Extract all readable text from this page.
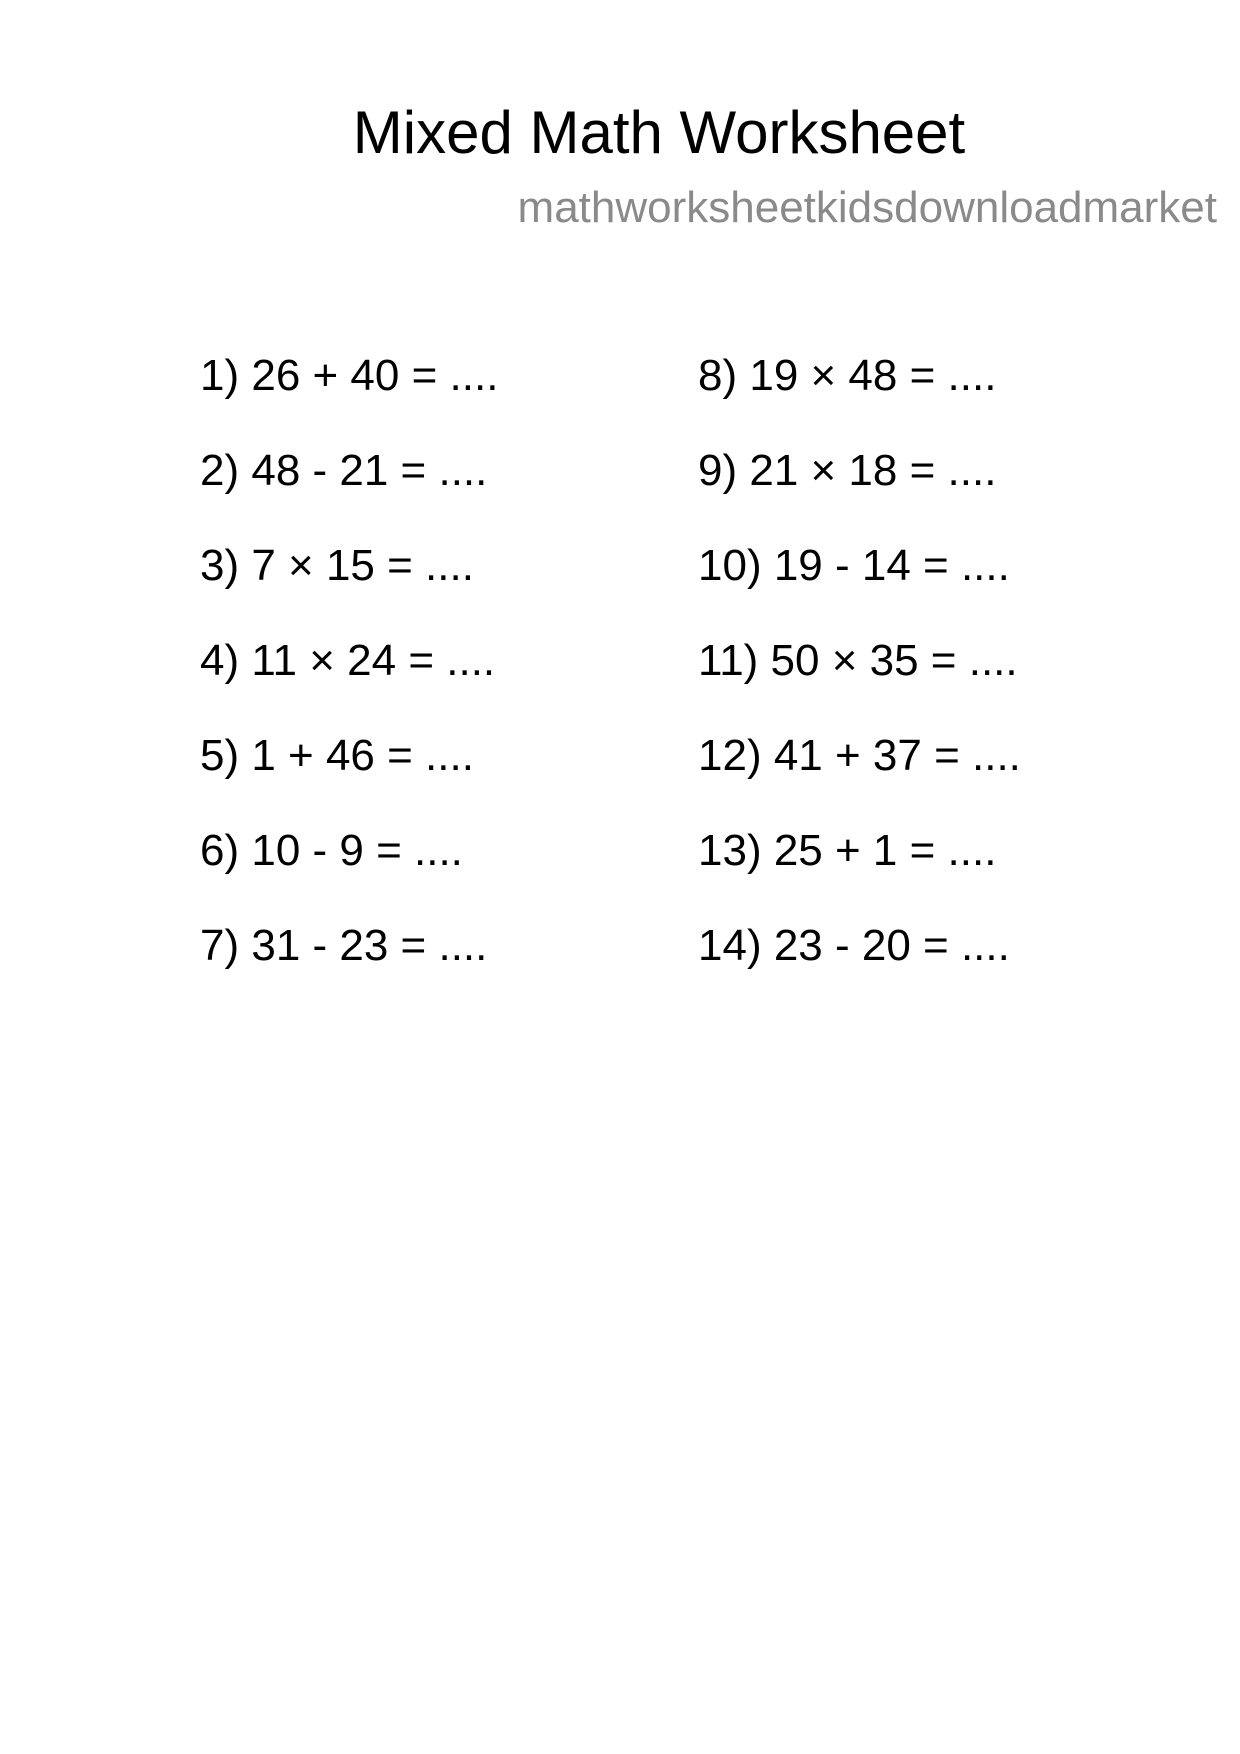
Mixed Math Worksheet
mathworksheetkidsdownloadmarket
1) 26 + 40 = ....
2) 48 - 21 = ....
3) 7 × 15 = ....
4) 11 × 24 = ....
5) 1 + 46 = ....
6) 10 - 9 = ....
7) 31 - 23 = ....
8) 19 × 48 = ....
9) 21 × 18 = ....
10) 19 - 14 = ....
11) 50 × 35 = ....
12) 41 + 37 = ....
13) 25 + 1 = ....
14) 23 - 20 = ....
